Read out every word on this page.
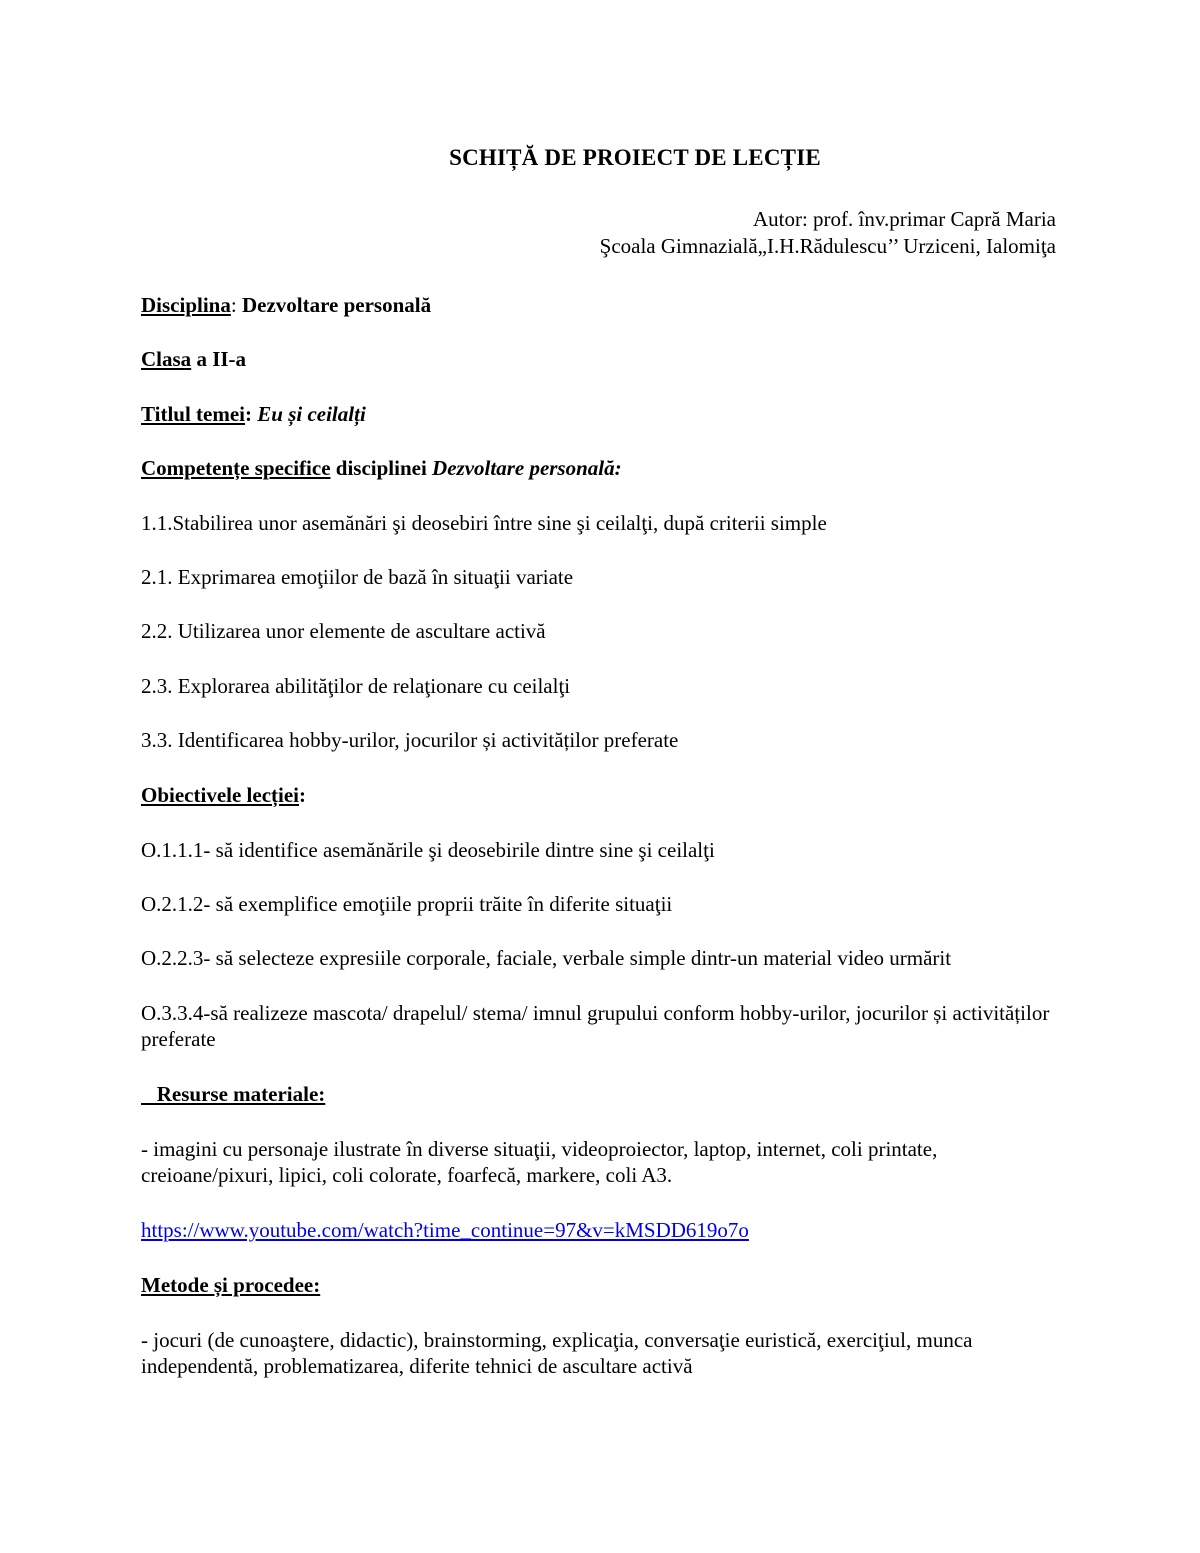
SCHIȚĂ DE PROIECT DE LECȚIE
Autor: prof. înv.primar Capră Maria
Şcoala Gimnazială„I.H.Rădulescu’’ Urziceni, Ialomiţa
Disciplina: Dezvoltare personală
Clasa a II-a
Titlul temei: Eu și ceilalți
Competențe specifice disciplinei Dezvoltare personală:
1.1.Stabilirea unor asemănări şi deosebiri între sine şi ceilalţi, după criterii simple
2.1. Exprimarea emoţiilor de bază în situaţii variate
2.2. Utilizarea unor elemente de ascultare activă
2.3. Explorarea abilităţilor de relaţionare cu ceilalţi
3.3. Identificarea hobby-urilor, jocurilor și activităților preferate
Obiectivele lecției:
O.1.1.1- să identifice asemănările şi deosebirile dintre sine şi ceilalţi
O.2.1.2- să exemplifice emoţiile proprii trăite în diferite situaţii
O.2.2.3- să selecteze expresiile corporale, faciale, verbale simple dintr-un material video urmărit
O.3.3.4-să realizeze mascota/ drapelul/ stema/ imnul grupului conform hobby-urilor, jocurilor și activităților preferate
Resurse materiale:
- imagini cu personaje ilustrate în diverse situaţii, videoproiector, laptop, internet, coli printate, creioane/pixuri, lipici, coli colorate, foarfecă, markere, coli A3.
https://www.youtube.com/watch?time_continue=97&v=kMSDD619o7o
Metode și procedee:
- jocuri (de cunoaştere, didactic), brainstorming, explicaţia, conversaţie euristică, exerciţiul, munca independentă, problematizarea, diferite tehnici de ascultare activă
